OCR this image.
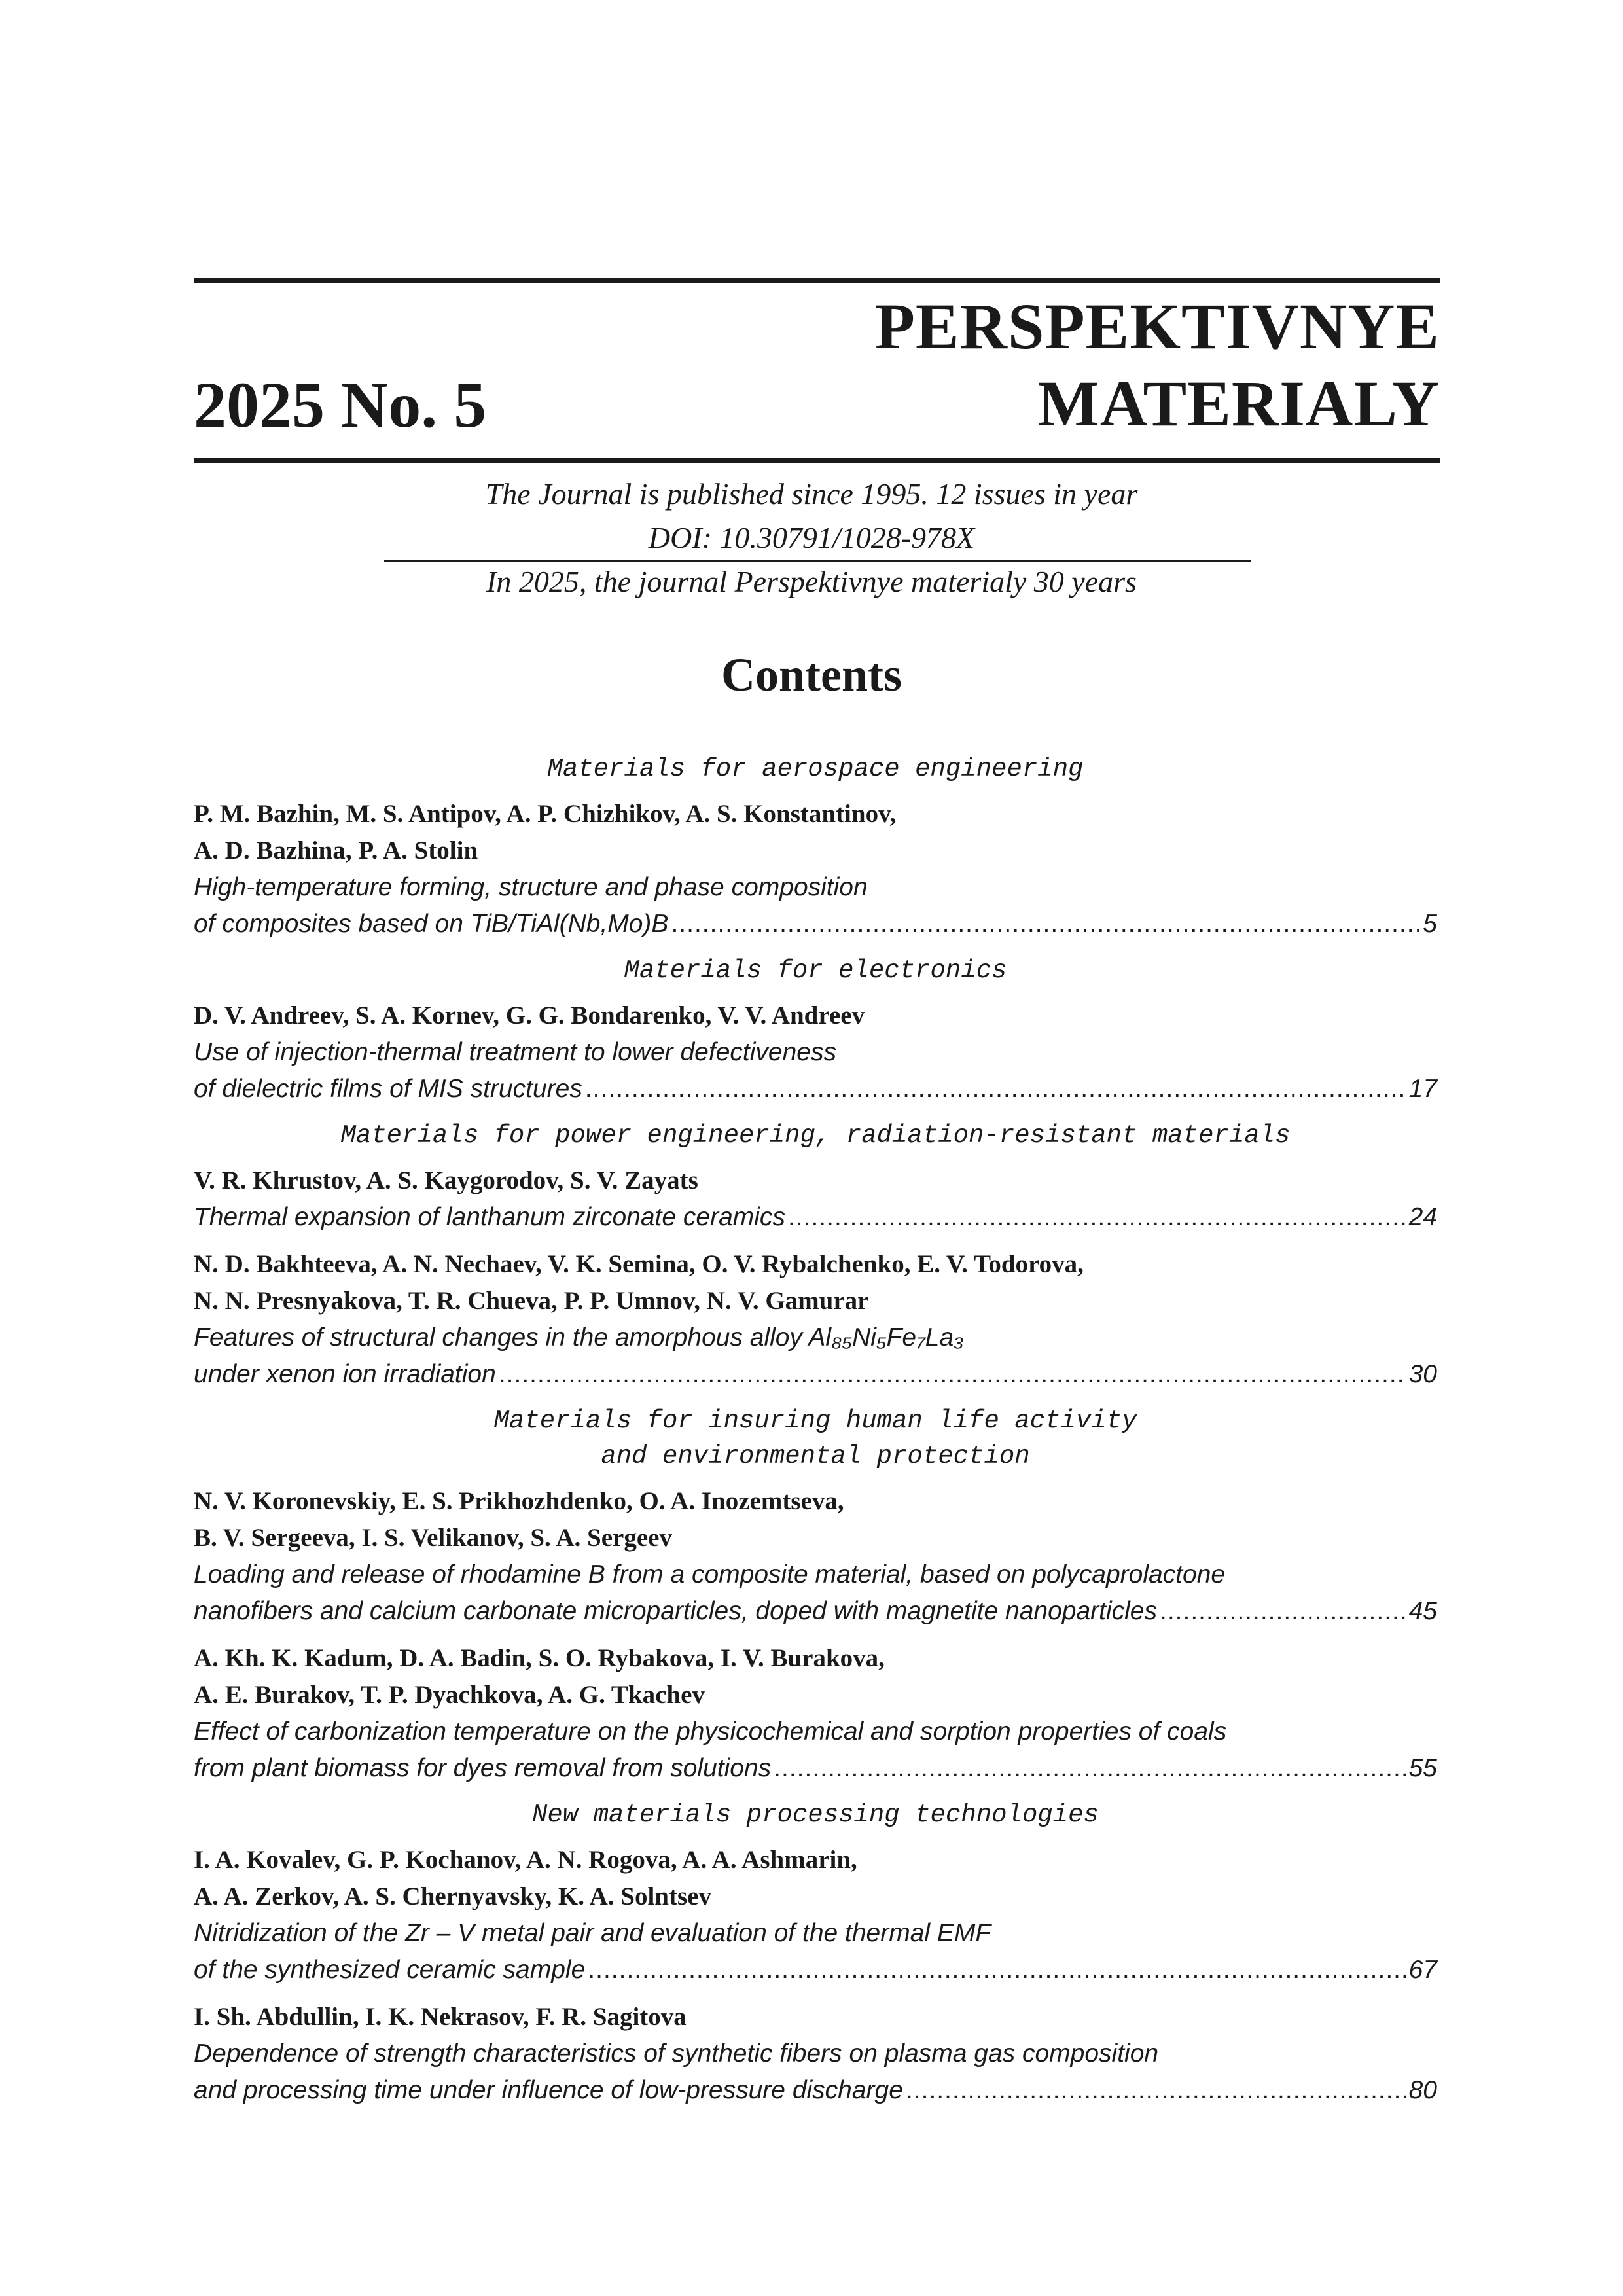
PERSPEKTIVNYE
MATERIALY
2025 No. 5
The Journal is published since 1995. 12 issues in year
DOI: 10.30791/1028-978X
In 2025, the journal Perspektivnye materialy 30 years
Contents
Materials for aerospace engineering
P. M. Bazhin, M. S. Antipov, A. P. Chizhikov, A. S. Konstantinov,
A. D. Bazhina, P. A. Stolin
High-temperature forming, structure and phase composition
of composites based on TiB/TiAl(Nb,Mo)B .....	5
Materials for electronics
D. V. Andreev, S. A. Kornev, G. G. Bondarenko, V. V. Andreev
Use of injection-thermal treatment to lower defectiveness
of dielectric films of MIS structures .....	17
Materials for power engineering, radiation-resistant materials
V. R. Khrustov, A. S. Kaygorodov, S. V. Zayats
Thermal expansion of lanthanum zirconate ceramics .....	24
N. D. Bakhteeva, A. N. Nechaev, V. K. Semina, O. V. Rybalchenko, E. V. Todorova,
N. N. Presnyakova, T. R. Chueva, P. P. Umnov, N. V. Gamurar
Features of structural changes in the amorphous alloy Al₈₅Ni₅Fe₇La₃
under xenon ion irradiation .....	30
Materials for insuring human life activity
and environmental protection
N. V. Koronevskiy, E. S. Prikhozhdenko, O. A. Inozemtseva,
B. V. Sergeeva, I. S. Velikanov, S. A. Sergeev
Loading and release of rhodamine B from a composite material, based on polycaprolactone
nanofibers and calcium carbonate microparticles, doped with magnetite nanoparticles .....	45
A. Kh. K. Kadum, D. A. Badin, S. O. Rybakova, I. V. Burakova,
A. E. Burakov, T. P. Dyachkova, A. G. Tkachev
Effect of carbonization temperature on the physicochemical and sorption properties of coals
from plant biomass for dyes removal from solutions .....	55
New materials processing technologies
I. A. Kovalev, G. P. Kochanov, A. N. Rogova, A. A. Ashmarin,
A. A. Zerkov, A. S. Chernyavsky, K. A. Solntsev
Nitridization of the Zr – V metal pair and evaluation of the thermal EMF
of the synthesized ceramic sample .....	67
I. Sh. Abdullin, I. K. Nekrasov, F. R. Sagitova
Dependence of strength characteristics of synthetic fibers on plasma gas composition
and processing time under influence of low-pressure discharge .....	80
